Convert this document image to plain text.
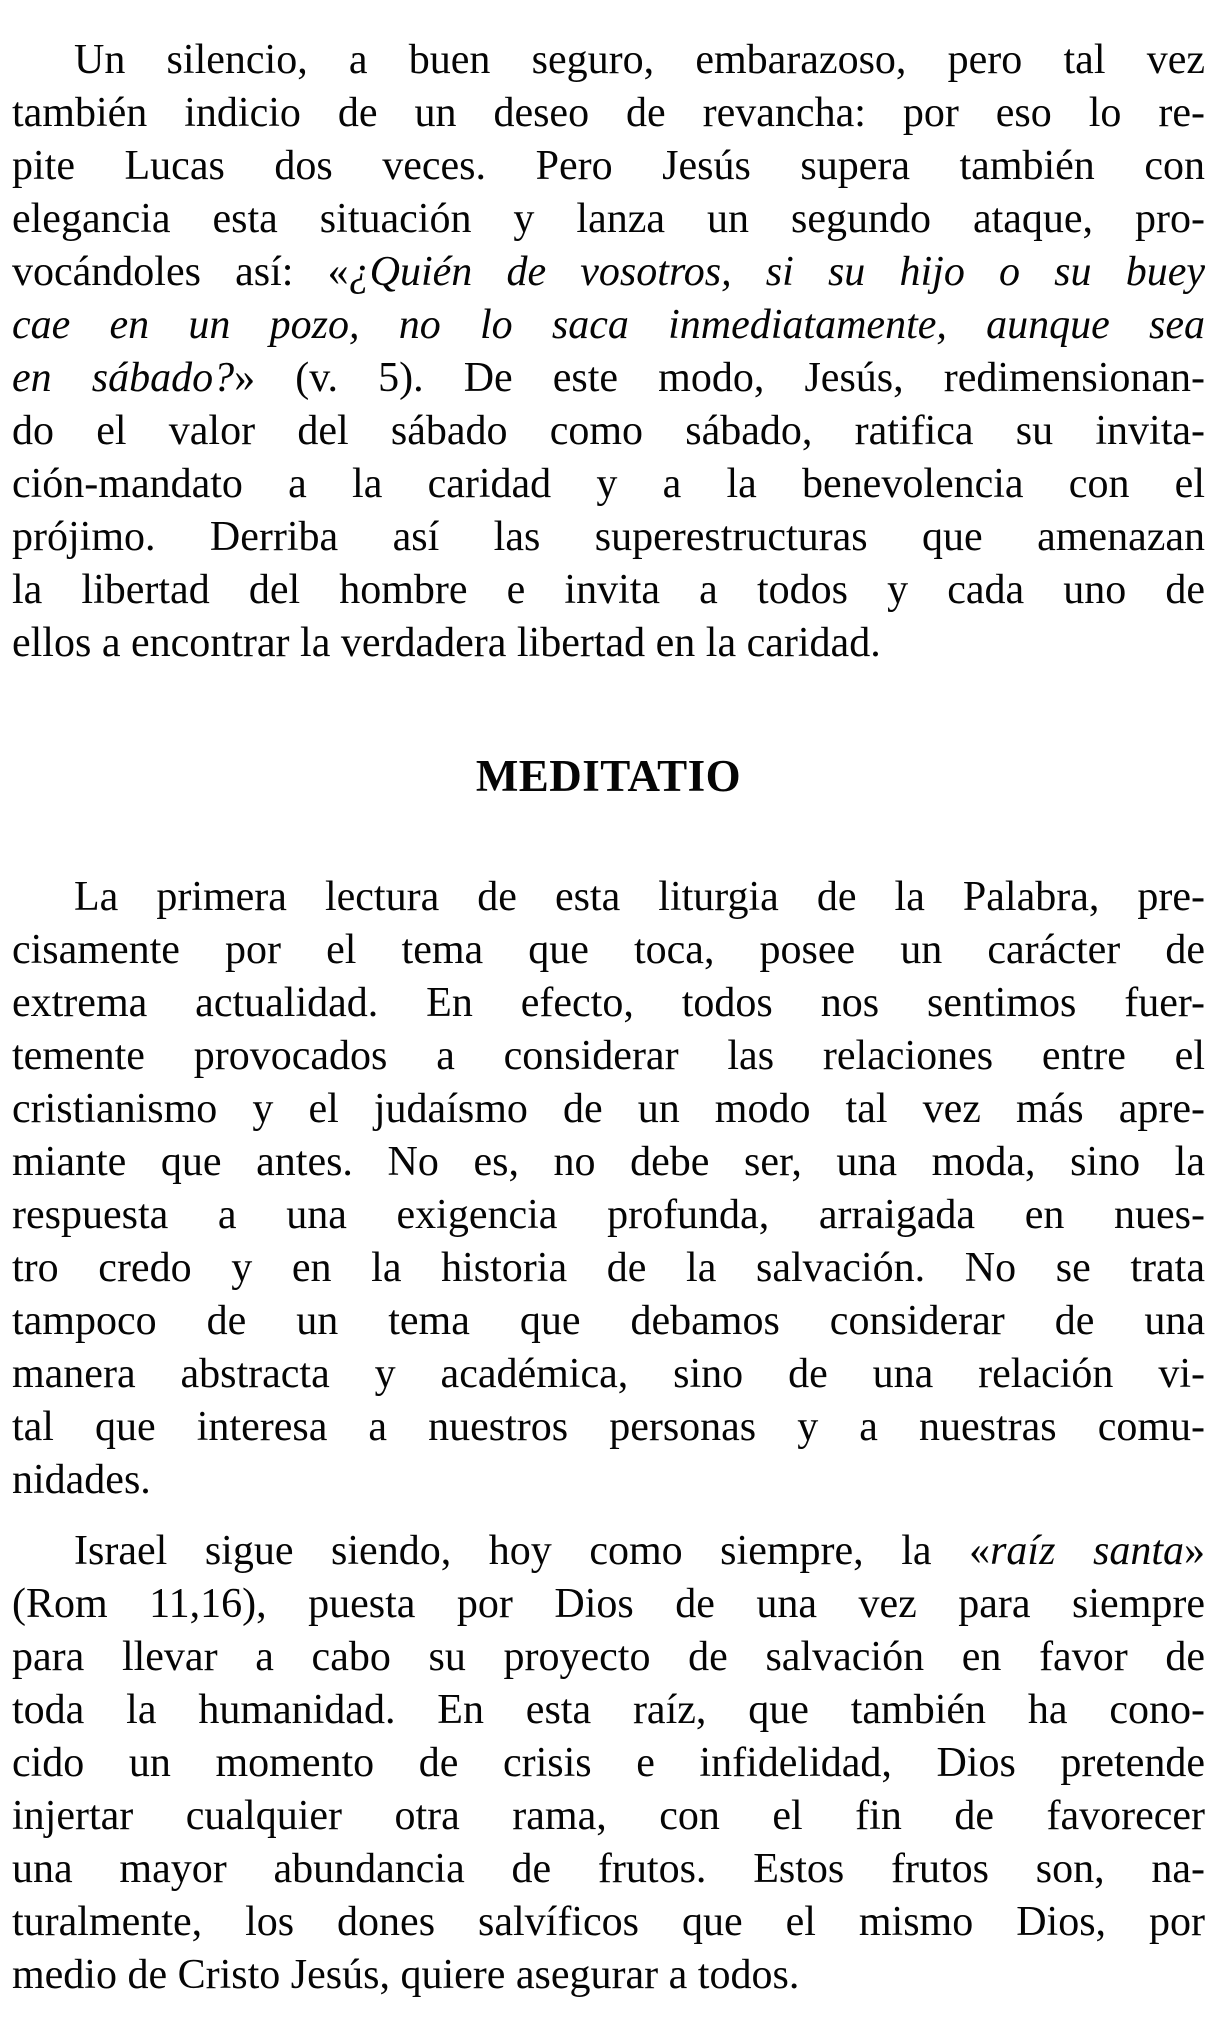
Un silencio, a buen seguro, embarazoso, pero tal vez
también indicio de un deseo de revancha: por eso lo re-
pite Lucas dos veces. Pero Jesús supera también con
elegancia esta situación y lanza un segundo ataque, pro-
vocándoles así: «¿Quién de vosotros, si su hijo o su buey
cae en un pozo, no lo saca inmediatamente, aunque sea
en sábado?» (v. 5). De este modo, Jesús, redimensionan-
do el valor del sábado como sábado, ratifica su invita-
ción-mandato a la caridad y a la benevolencia con el
prójimo. Derriba así las superestructuras que amenazan
la libertad del hombre e invita a todos y cada uno de
ellos a encontrar la verdadera libertad en la caridad.
MEDITATIO
La primera lectura de esta liturgia de la Palabra, pre-
cisamente por el tema que toca, posee un carácter de
extrema actualidad. En efecto, todos nos sentimos fuer-
temente provocados a considerar las relaciones entre el
cristianismo y el judaísmo de un modo tal vez más apre-
miante que antes. No es, no debe ser, una moda, sino la
respuesta a una exigencia profunda, arraigada en nues-
tro credo y en la historia de la salvación. No se trata
tampoco de un tema que debamos considerar de una
manera abstracta y académica, sino de una relación vi-
tal que interesa a nuestros personas y a nuestras comu-
nidades.
Israel sigue siendo, hoy como siempre, la «raíz santa»
(Rom 11,16), puesta por Dios de una vez para siempre
para llevar a cabo su proyecto de salvación en favor de
toda la humanidad. En esta raíz, que también ha cono-
cido un momento de crisis e infidelidad, Dios pretende
injertar cualquier otra rama, con el fin de favorecer
una mayor abundancia de frutos. Estos frutos son, na-
turalmente, los dones salvíficos que el mismo Dios, por
medio de Cristo Jesús, quiere asegurar a todos.
